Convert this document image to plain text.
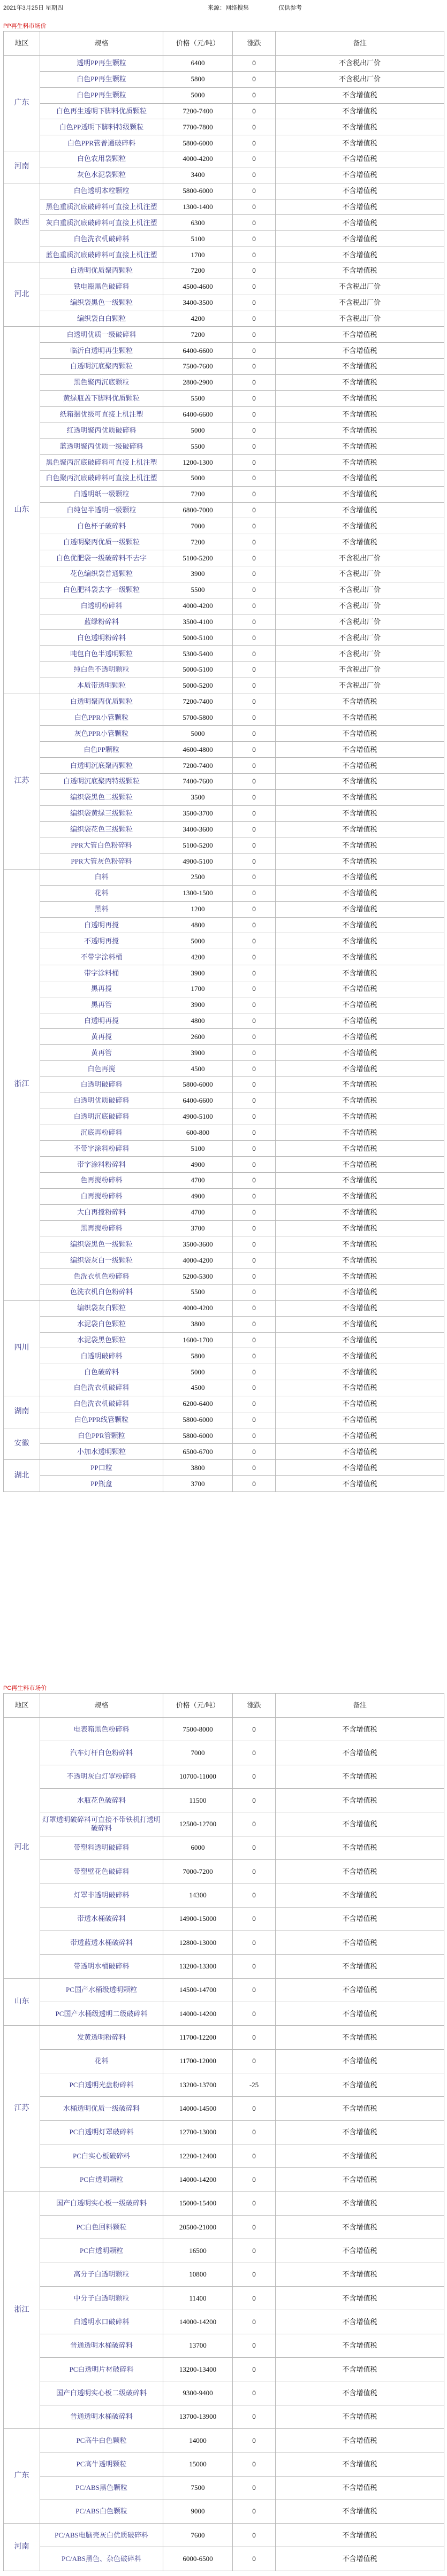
2021年3月25日 星期四	来源：网络搜集	仅供参考
PP再生料市场价
地区	规格	价格（元/吨）	涨跌	备注
广东	透明PP再生颗粒	6400	0	不含税出厂价
	白色PP再生颗粒	5800	0	不含税出厂价
	白色PP再生颗粒	5000	0	不含增值税
	白色再生透明下脚料优质颗粒	7200-7400	0	不含增值税
	白色PP透明下脚料特级颗粒	7700-7800	0	不含增值税
	白色PPR管普通破碎料	5800-6000	0	不含增值税
河南	白色农用袋颗粒	4000-4200	0	不含增值税
	灰色水泥袋颗粒	3400	0	不含增值税
陕西	白色透明本粒颗粒	5800-6000	0	不含增值税
	黑色重质沉底破碎料可直接上机注塑	1300-1400	0	不含增值税
	灰白重质沉底破碎料可直接上机注塑	6300	0	不含增值税
	白色洗衣机破碎料	5100	0	不含增值税
	蓝色重质沉底破碎料可直接上机注塑	1700	0	不含增值税
河北	白透明优质聚丙颗粒	7200	0	不含增值税
	铁电瓶黑色破碎料	4500-4600	0	不含税出厂价
	编织袋黑色一级颗粒	3400-3500	0	不含税出厂价
	编织袋白白颗粒	4200	0	不含税出厂价
山东	白透明优质一级破碎料	7200	0	不含增值税
	临沂白透明再生颗粒	6400-6600	0	不含增值税
	白透明沉底聚丙颗粒	7500-7600	0	不含增值税
	黑色聚丙沉底颗粒	2800-2900	0	不含增值税
	黄绿瓶盖下脚料优质颗粒	5500	0	不含增值税
	纸箱捆优级可直接上机注塑	6400-6600	0	不含增值税
	红透明聚丙优质破碎料	5000	0	不含增值税
	蓝透明聚丙优质一级破碎料	5500	0	不含增值税
	黑色聚丙沉底破碎料可直接上机注塑	1200-1300	0	不含增值税
	白色聚丙沉底破碎料可直接上机注塑	5000	0	不含增值税
	白透明纸一级颗粒	7200	0	不含增值税
	白纯包半透明一级颗粒	6800-7000	0	不含增值税
	白色杯子破碎料	7000	0	不含增值税
	白透明聚丙优质一级颗粒	7200	0	不含增值税
	白色优肥袋一级破碎料不去字	5100-5200	0	不含税出厂价
	花色编织袋普通颗粒	3900	0	不含税出厂价
	白色肥料袋去字一级颗粒	5500	0	不含税出厂价
	白透明粉碎料	4000-4200	0	不含税出厂价
	蓝绿粉碎料	3500-4100	0	不含税出厂价
	白色透明粉碎料	5000-5100	0	不含税出厂价
	吨包白色半透明颗粒	5300-5400	0	不含税出厂价
	纯白色不透明颗粒	5000-5100	0	不含税出厂价
	本质带透明颗粒	5000-5200	0	不含税出厂价
江苏	白透明聚丙优质颗粒	7200-7400	0	不含增值税
	白色PPR小管颗粒	5700-5800	0	不含增值税
	灰色PPR小管颗粒	5000	0	不含增值税
	白色PP颗粒	4600-4800	0	不含增值税
	白透明沉底聚丙颗粒	7200-7400	0	不含增值税
	白透明沉底聚丙特级颗粒	7400-7600	0	不含增值税
	编织袋黑色二级颗粒	3500	0	不含增值税
	编织袋黄绿三级颗粒	3500-3700	0	不含增值税
	编织袋花色三级颗粒	3400-3600	0	不含增值税
	PPR大管白色粉碎料	5100-5200	0	不含增值税
	PPR大管灰色粉碎料	4900-5100	0	不含增值税
浙江	白料	2500	0	不含增值税
	花料	1300-1500	0	不含增值税
	黑料	1200	0	不含增值税
	白透明再搅	4800	0	不含增值税
	不透明再搅	5000	0	不含增值税
	不带字涂料桶	4200	0	不含增值税
	带字涂料桶	3900	0	不含增值税
	黑再搅	1700	0	不含增值税
	黑再管	3900	0	不含增值税
	白透明再搅	4800	0	不含增值税
	黄再搅	2600	0	不含增值税
	黄再管	3900	0	不含增值税
	白色再搅	4500	0	不含增值税
	白透明破碎料	5800-6000	0	不含增值税
	白透明优质破碎料	6400-6600	0	不含增值税
	白透明沉底破碎料	4900-5100	0	不含增值税
	沉底再粉碎料	600-800	0	不含增值税
	不带字涂料粉碎料	5100	0	不含增值税
	带字涂料粉碎料	4900	0	不含增值税
	色再搅粉碎料	4700	0	不含增值税
	白再搅粉碎料	4900	0	不含增值税
	大白再搅粉碎料	4700	0	不含增值税
	黑再搅粉碎料	3700	0	不含增值税
	编织袋黑色一级颗粒	3500-3600	0	不含增值税
	编织袋灰白一级颗粒	4000-4200	0	不含增值税
	色洗衣机色粉碎料	5200-5300	0	不含增值税
	色洗衣机白色粉碎料	5500	0	不含增值税
四川	编织袋灰白颗粒	4000-4200	0	不含增值税
	水泥袋白色颗粒	3800	0	不含增值税
	水泥袋黑色颗粒	1600-1700	0	不含增值税
	白透明破碎料	5800	0	不含增值税
	白色破碎料	5000	0	不含增值税
	白色洗衣机破碎料	4500	0	不含增值税
湖南	白色洗衣机破碎料	6200-6400	0	不含增值税
	白色PPR线管颗粒	5800-6000	0	不含增值税
安徽	白色PPR管颗粒	5800-6000	0	不含增值税
	小加水透明颗粒	6500-6700	0	不含增值税
湖北	PP口粒	3800	0	不含增值税
	PP瓶盒	3700	0	不含增值税
PC再生料市场价
地区	规格	价格（元/吨）	涨跌	备注
河北	电表箱黑色粉碎料	7500-8000	0	不含增值税
	汽车灯杆白色粉碎料	7000	0	不含增值税
	不透明灰白灯罩粉碎料	10700-11000	0	不含增值税
	水瓶花色破碎料	11500	0	不含增值税
	灯罩透明破碎料可直接不带铁机打透明破碎料	12500-12700	0	不含增值税
	带塑料透明破碎料	6000	0	不含增值税
	带塑壁花色破碎料	7000-7200	0	不含增值税
	灯罩非透明破碎料	14300	0	不含增值税
	带透水桶破碎料	14900-15000	0	不含增值税
	带透蓝透水桶破碎料	12800-13000	0	不含增值税
	带透明水桶破碎料	13200-13300	0	不含增值税
山东	PC国产水桶级透明颗粒	14500-14700	0	不含增值税
	PC国产水桶级透明二级破碎料	14000-14200	0	不含增值税
江苏	发黄透明粉碎料	11700-12200	0	不含增值税
	花料	11700-12000	0	不含增值税
	PC白透明光盘粉碎料	13200-13700	-25	不含增值税
	水桶透明优质一级破碎料	14000-14500	0	不含增值税
	PC白透明灯罩破碎料	12700-13000	0	不含增值税
	PC白实心板破碎料	12200-12400	0	不含增值税
	PC白透明颗粒	14000-14200	0	不含增值税
浙江	国产白透明实心板一级破碎料	15000-15400	0	不含增值税
	PC白色回料颗粒	20500-21000	0	不含增值税
	PC白透明颗粒	16500	0	不含增值税
	高分子白透明颗粒	10800	0	不含增值税
	中分子白透明颗粒	11400	0	不含增值税
	白透明水口破碎料	14000-14200	0	不含增值税
	普通透明水桶破碎料	13700	0	不含增值税
	PC白透明片材破碎料	13200-13400	0	不含增值税
	国产白透明实心板二级破碎料	9300-9400	0	不含增值税
	普通透明水桶破碎料	13700-13900	0	不含增值税
广东	PC高牛白色颗粒	14000	0	不含增值税
	PC高牛透明颗粒	15000	0	不含增值税
	PC/ABS黑色颗粒	7500	0	不含增值税
	PC/ABS白色颗粒	9000	0	不含增值税
河南	PC/ABS电脑壳灰白优质破碎料	7600	0	不含增值税
	PC/ABS黑色、杂色破碎料	6000-6500	0	不含增值税
